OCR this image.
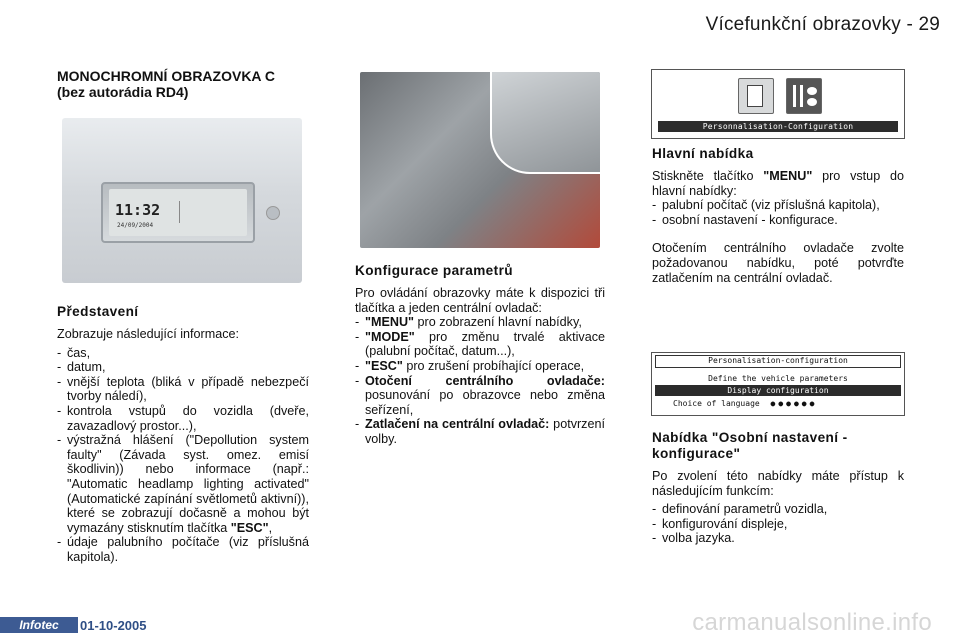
Vícefunkční obrazovky - 29
MONOCHROMNÍ OBRAZOVKA C
(bez autorádia RD4)
Představení

Zobrazuje následující informace:

- čas,
- datum,
- vnější teplota (bliká v případě nebezpečí tvorby náledí),
- kontrola vstupů do vozidla (dveře, zavazadlový prostor...),
- výstražná hlášení ("Depollution system faulty" (Závada syst. omez. emisí škodlivin)) nebo informace (např.: "Automatic headlamp lighting activated" (Automatické zapínání světlometů aktivní)), které se zobrazují dočasně a mohou být vymazány stisknutím tlačítka "ESC",
- údaje palubního počítače (viz příslušná kapitola).
11:32
24/09/2004
Konfigurace parametrů

Pro ovládání obrazovky máte k dispozici tři tlačítka a jeden centrální ovladač:

- "MENU" pro zobrazení hlavní nabídky,
- "MODE" pro změnu trvalé aktivace (palubní počítač, datum...),
- "ESC" pro zrušení probíhající operace,
- Otočení centrálního ovladače: posunování po obrazovce nebo změna seřízení,
- Zatlačení na centrální ovladač: potvrzení volby.
Personnalisation-Configuration
Hlavní nabídka

Stiskněte tlačítko "MENU" pro vstup do hlavní nabídky:

- palubní počítač (viz příslušná kapitola),
- osobní nastavení - konfigurace.

Otočením centrálního ovladače zvolte požadovanou nabídku, poté potvrďte zatlačením na centrální ovladač.

Nabídka "Osobní nastavení - konfigurace"

Po zvolení této nabídky máte přístup k následujícím funkcím:

- definování parametrů vozidla,
- konfigurování displeje,
- volba jazyka.
Personalisation-configuration
Define the vehicle parameters
Display configuration
Choice of language ●●●●●●
Infotec	01-10-2005	carmanualsonline.info
